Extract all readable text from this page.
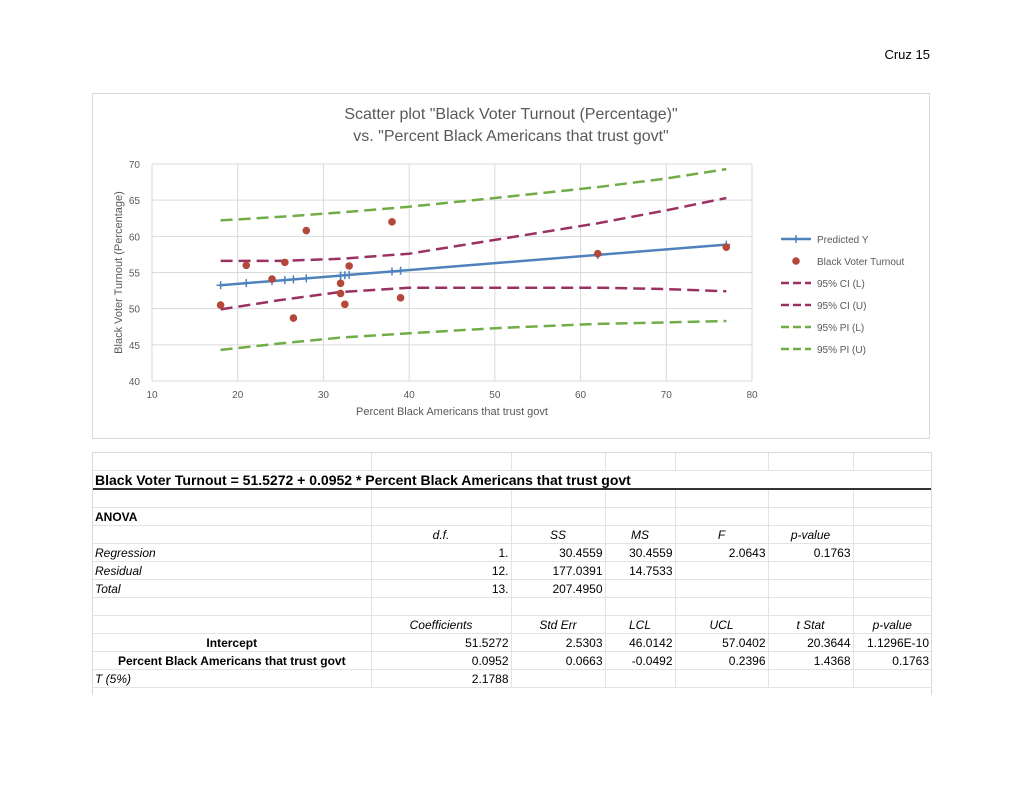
Cruz 15
Scatter plot "Black Voter Turnout (Percentage)"
vs. "Percent Black Americans that trust govt"
40
45
50
55
60
65
70
10	20	30	40	50	60	70	80
Percent Black Americans that trust govt
Black Voter Turnout (Percentage)	Predicted Y
95% CI (L)
95% CI (U)
95% PI (L)
95% PI (U)
Black Voter Turnout

Black Voter Turnout = 51.5272 + 0.0952 * Percent Black Americans that trust govt						

ANOVA						
	d.f.	SS	MS	F	p-value	
Regression	1.	30.4559	30.4559	2.0643	0.1763	
Residual	12.	177.0391	14.7533			
Total	13.	207.4950				

	Coefficients	Std Err	LCL	UCL	t Stat	p-value
Intercept	51.5272	2.5303	46.0142	57.0402	20.3644	1.1296E-10
Percent Black Americans that trust govt	0.0952	0.0663	-0.0492	0.2396	1.4368	0.1763
T (5%)	2.1788					
